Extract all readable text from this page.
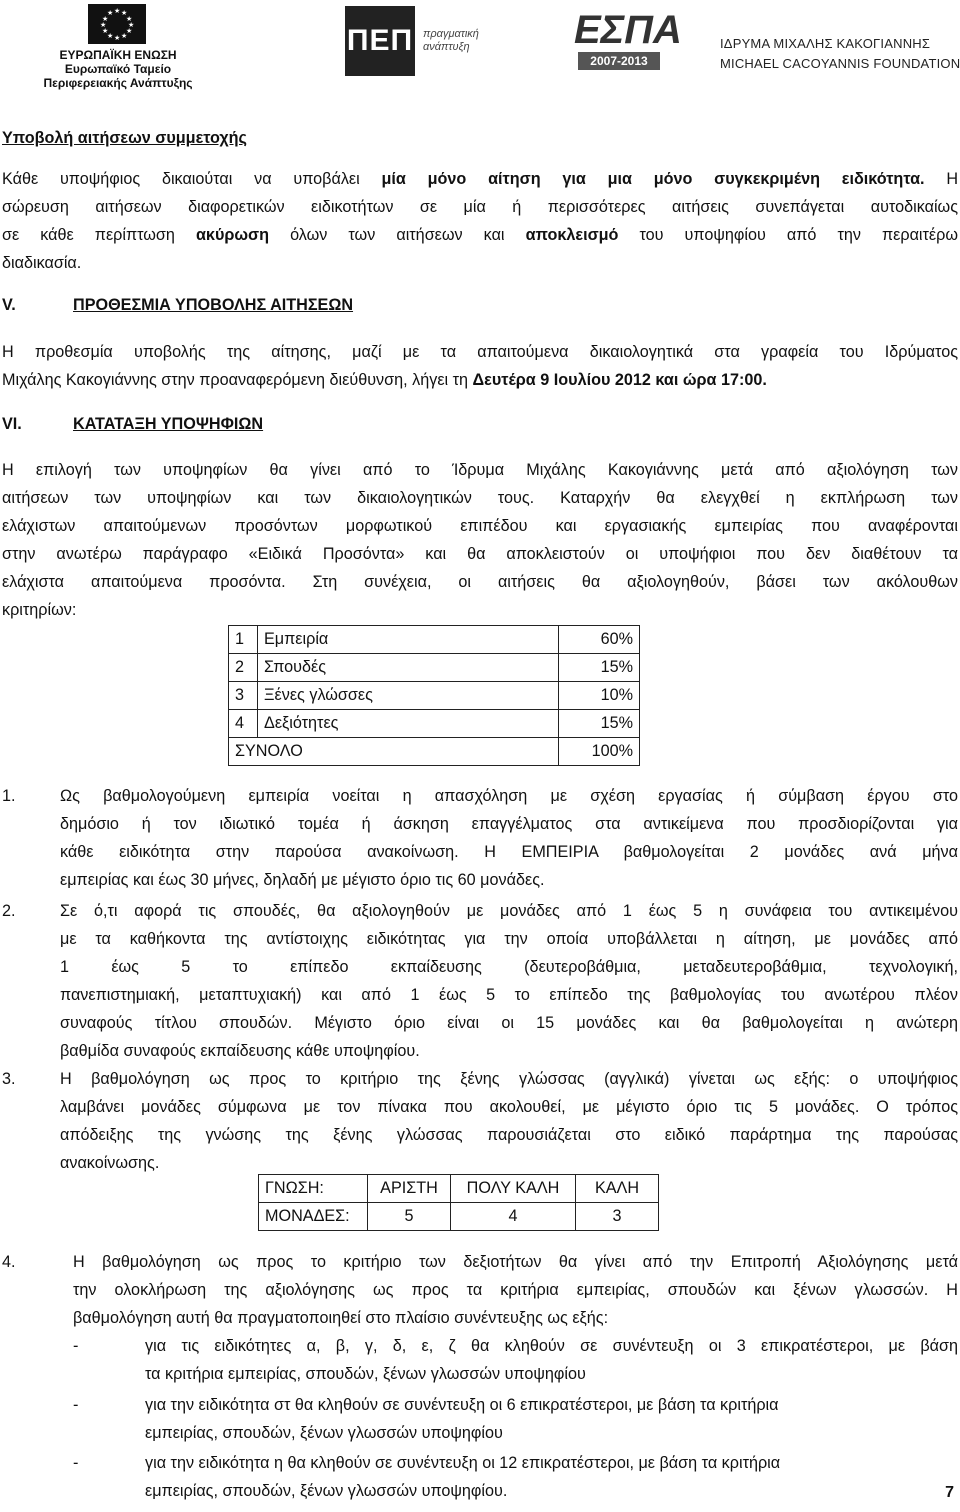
★ ★
★
★
★
★
★
★
★
★
★
★
ΕΥΡΩΠΑΪΚΗ ΕΝΩΣΗ
Ευρωπαϊκό Ταμείο
Περιφερειακής Ανάπτυξης
ΠΕΠ πραγματική ανάπτυξη	ΕΣΠΑ
2007-2013
ΙΔΡΥΜΑ ΜΙΧΑΛΗΣ ΚΑΚΟΓΙΑΝΝΗΣ
MICHAEL CACOYANNIS FOUNDATION
Υποβολή αιτήσεων συμμετοχής
Κάθε υποψήφιος δικαιούται να υποβάλει μία μόνο αίτηση για μια μόνο συγκεκριμένη ειδικότητα. Η
σώρευση αιτήσεων διαφορετικών ειδικοτήτων σε μία ή περισσότερες αιτήσεις συνεπάγεται αυτοδικαίως
σε κάθε περίπτωση ακύρωση όλων των αιτήσεων και αποκλεισμό του υποψηφίου από την περαιτέρω
διαδικασία.
V.	ΠΡΟΘΕΣΜΙΑ ΥΠΟΒΟΛΗΣ ΑΙΤΗΣΕΩΝ
Η προθεσμία υποβολής της αίτησης, μαζί με τα απαιτούμενα δικαιολογητικά στα γραφεία του Ιδρύματος
Μιχάλης Κακογιάννης στην προαναφερόμενη διεύθυνση, λήγει τη Δευτέρα 9 Ιουλίου 2012 και ώρα 17:00.
VI.	ΚΑΤΑΤΑΞΗ ΥΠΟΨΗΦΙΩΝ
Η επιλογή των υποψηφίων θα γίνει από το Ίδρυμα Μιχάλης Κακογιάννης μετά από αξιολόγηση των
αιτήσεων των υποψηφίων και των δικαιολογητικών τους. Καταρχήν θα ελεγχθεί η εκπλήρωση των
ελάχιστων απαιτούμενων προσόντων μορφωτικού επιπέδου και εργασιακής εμπειρίας που αναφέρονται
στην ανωτέρω παράγραφο «Ειδικά Προσόντα» και θα αποκλειστούν οι υποψήφιοι που δεν διαθέτουν τα
ελάχιστα απαιτούμενα προσόντα. Στη συνέχεια, οι αιτήσεις θα αξιολογηθούν, βάσει των ακόλουθων
κριτηρίων:
1	Εμπειρία	60%
2	Σπουδές	15%
3	Ξένες γλώσσες	10%
4	Δεξιότητες	15%
ΣΥΝΟΛΟ		100%
1.	Ως βαθμολογούμενη εμπειρία νοείται η απασχόληση με σχέση εργασίας ή σύμβαση έργου στο
δημόσιο ή τον ιδιωτικό τομέα ή άσκηση επαγγέλματος στα αντικείμενα που προσδιορίζονται για
κάθε ειδικότητα στην παρούσα ανακοίνωση. Η ΕΜΠΕΙΡΙΑ βαθμολογείται 2 μονάδες ανά μήνα
εμπειρίας και έως 30 μήνες, δηλαδή με μέγιστο όριο τις 60 μονάδες.
2.	Σε ό,τι αφορά τις σπουδές, θα αξιολογηθούν με μονάδες από 1 έως 5 η συνάφεια του αντικειμένου
με τα καθήκοντα της αντίστοιχης ειδικότητας για την οποία υποβάλλεται η αίτηση, με μονάδες από
1 έως 5 το επίπεδο εκπαίδευσης (δευτεροβάθμια, μεταδευτεροβάθμια, τεχνολογική,
πανεπιστημιακή, μεταπτυχιακή) και από 1 έως 5 το επίπεδο της βαθμολογίας του ανωτέρου πλέον
συναφούς τίτλου σπουδών. Μέγιστο όριο είναι οι 15 μονάδες και θα βαθμολογείται η ανώτερη
βαθμίδα συναφούς εκπαίδευσης κάθε υποψηφίου.
3.	Η βαθμολόγηση ως προς το κριτήριο της ξένης γλώσσας (αγγλικά) γίνεται ως εξής: ο υποψήφιος
λαμβάνει μονάδες σύμφωνα με τον πίνακα που ακολουθεί, με μέγιστο όριο τις 5 μονάδες. Ο τρόπος
απόδειξης της γνώσης της ξένης γλώσσας παρουσιάζεται στο ειδικό παράρτημα της παρούσας
ανακοίνωσης.
ΓΝΩΣΗ:	ΑΡΙΣΤΗ	ΠΟΛΥ ΚΑΛΗ	ΚΑΛΗ
ΜΟΝΑΔΕΣ:	5	4	3
4.	Η βαθμολόγηση ως προς το κριτήριο των δεξιοτήτων θα γίνει από την Επιτροπή Αξιολόγησης μετά
την ολοκλήρωση της αξιολόγησης ως προς τα κριτήρια εμπειρίας, σπουδών και ξένων γλωσσών. Η
βαθμολόγηση αυτή θα πραγματοποιηθεί στο πλαίσιο συνέντευξης ως εξής:
-	για τις ειδικότητες α, β, γ, δ, ε, ζ θα κληθούν σε συνέντευξη οι 3 επικρατέστεροι, με βάση
τα κριτήρια εμπειρίας, σπουδών, ξένων γλωσσών υποψηφίου
-	για την ειδικότητα στ θα κληθούν σε συνέντευξη οι 6 επικρατέστεροι, με βάση τα κριτήρια
εμπειρίας, σπουδών, ξένων γλωσσών υποψηφίου
-	για την ειδικότητα η θα κληθούν σε συνέντευξη οι 12 επικρατέστεροι, με βάση τα κριτήρια
εμπειρίας, σπουδών, ξένων γλωσσών υποψηφίου.	7
